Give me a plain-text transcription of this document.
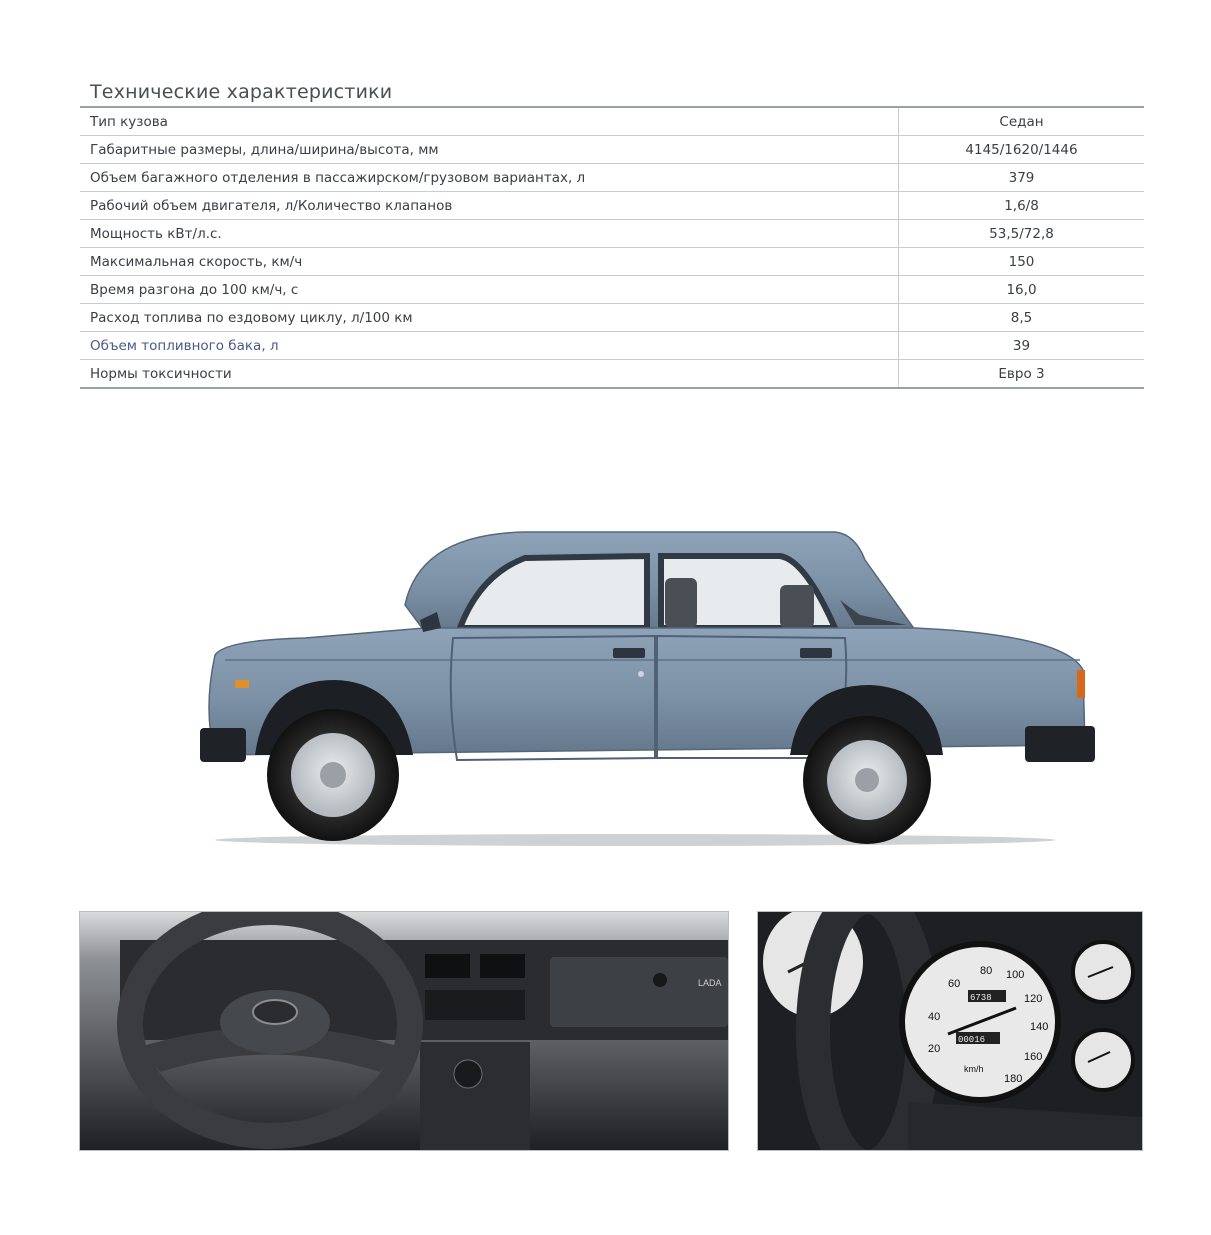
Технические характеристики
Тип кузова	Седан
Габаритные размеры, длина/ширина/высота, мм	4145/1620/1446
Объем багажного отделения в пассажирском/грузовом вариантах, л	379
Рабочий объем двигателя, л/Количество клапанов	1,6/8
Мощность кВт/л.с.	53,5/72,8
Максимальная скорость, км/ч	150
Время разгона до 100 км/ч, с	16,0
Расход топлива по ездовому циклу, л/100 км	8,5
Объем топливного бака, л	39
Нормы токсичности	Евро 3
LADA
20
40
60
80 100
120
140
160
180
6738
00016
km/h
